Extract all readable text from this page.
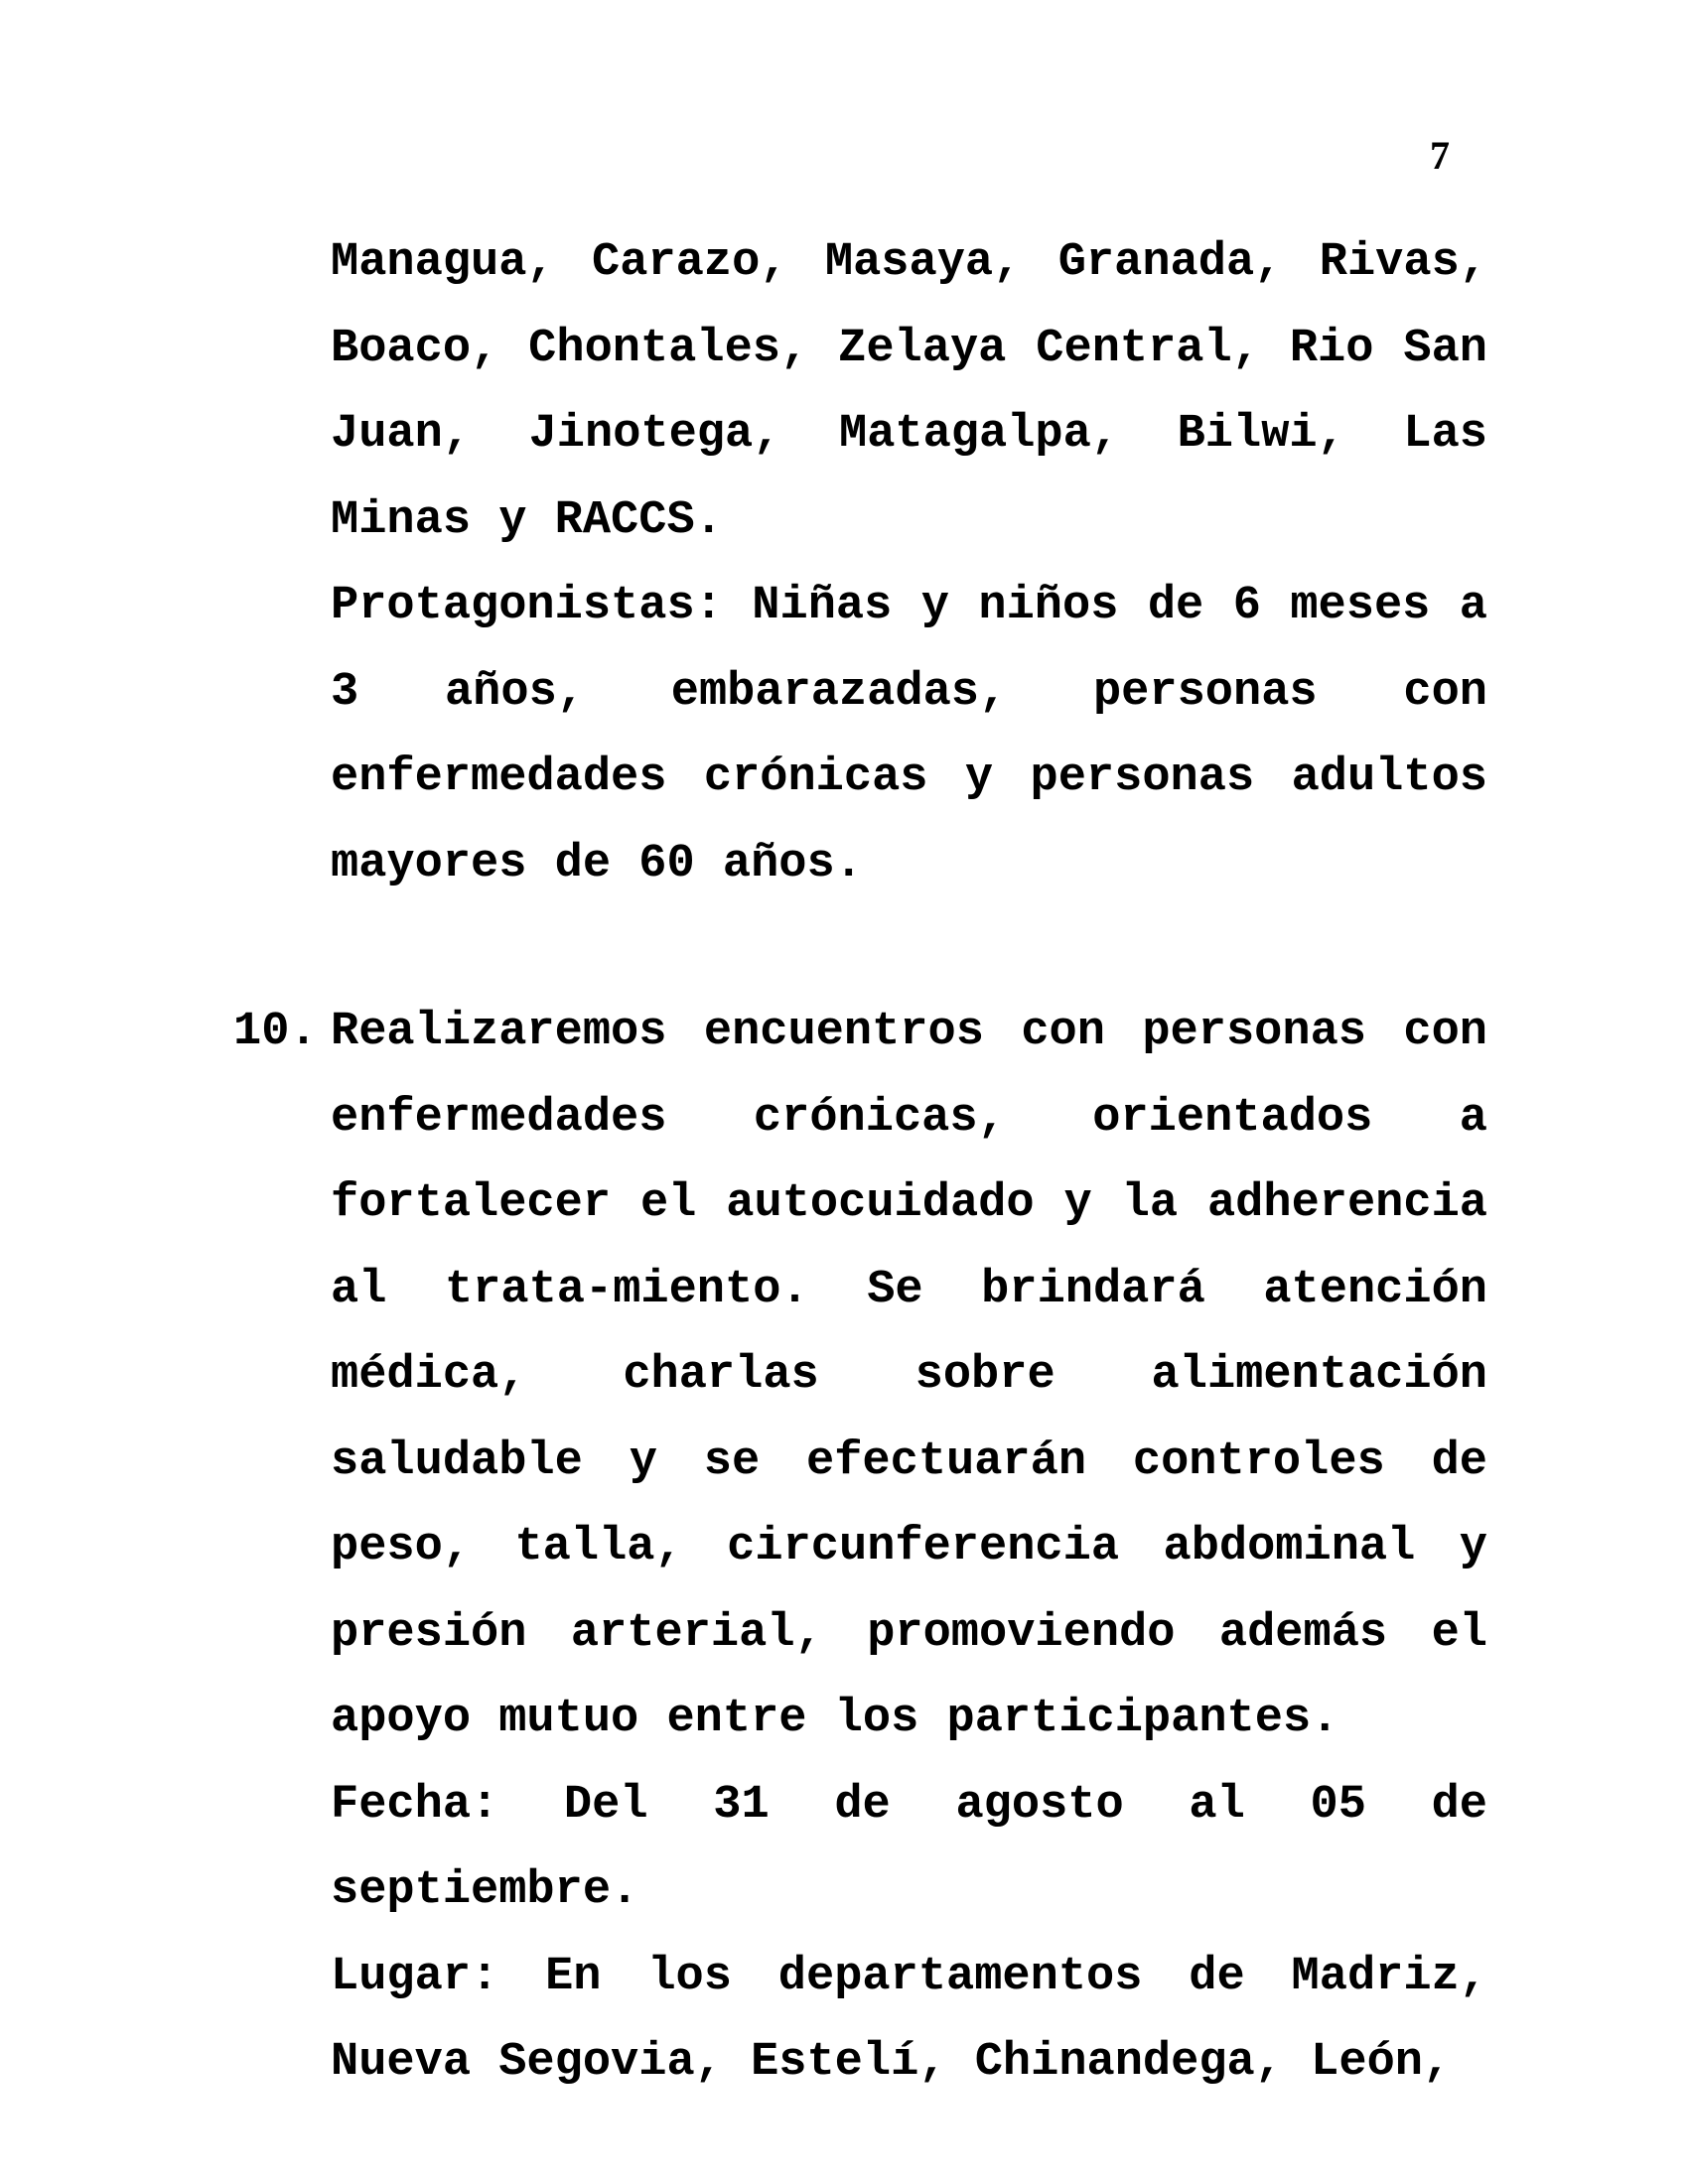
7

Managua, Carazo, Masaya, Granada, Rivas, Boaco, Chontales, Zelaya Central, Rio San Juan, Jinotega, Matagalpa, Bilwi, Las Minas y RACCS.

Protagonistas: Niñas y niños de 6 meses a 3 años, embarazadas, personas con enfermedades crónicas y personas adultos mayores de 60 años.

10. Realizaremos encuentros con personas con enfermedades crónicas, orientados a fortalecer el autocuidado y la adherencia al trata-miento. Se brindará atención médica, charlas sobre alimentación saludable y se efectuarán controles de peso, talla, circunferencia abdominal y presión arterial, promoviendo además el apoyo mutuo entre los participantes.

Fecha: Del 31 de agosto al 05 de septiembre.

Lugar: En los departamentos de Madriz, Nueva Segovia, Estelí, Chinandega, León,
